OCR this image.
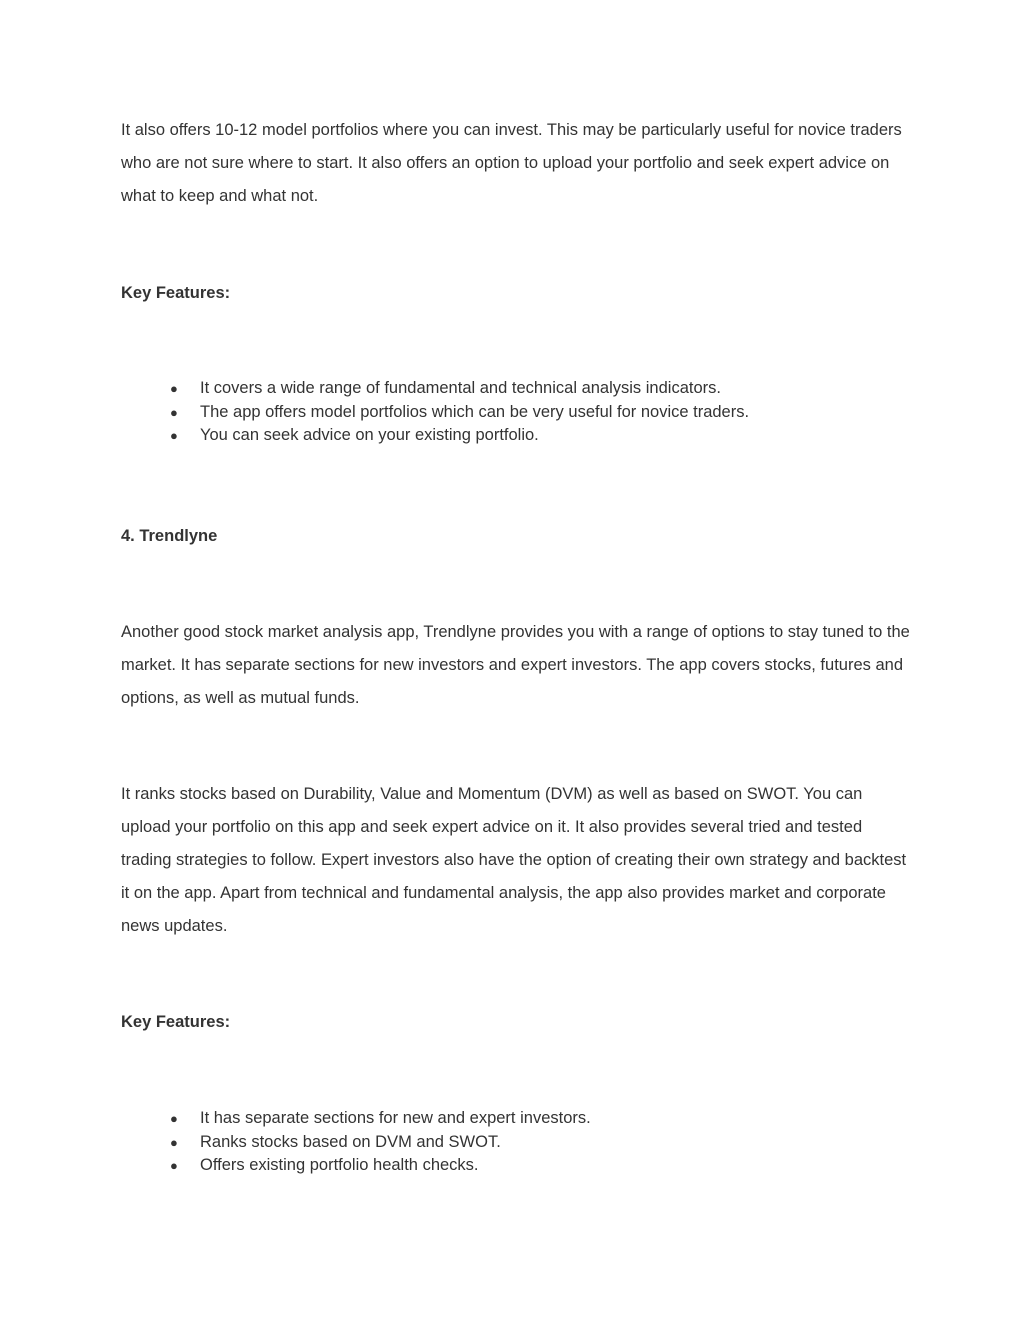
It also offers 10-12 model portfolios where you can invest. This may be particularly useful for novice traders who are not sure where to start. It also offers an option to upload your portfolio and seek expert advice on what to keep and what not.

Key Features:
● It covers a wide range of fundamental and technical analysis indicators.
● The app offers model portfolios which can be very useful for novice traders.
● You can seek advice on your existing portfolio.
4. Trendlyne

Another good stock market analysis app, Trendlyne provides you with a range of options to stay tuned to the market. It has separate sections for new investors and expert investors. The app covers stocks, futures and options, as well as mutual funds.

It ranks stocks based on Durability, Value and Momentum (DVM) as well as based on SWOT. You can upload your portfolio on this app and seek expert advice on it. It also provides several tried and tested trading strategies to follow. Expert investors also have the option of creating their own strategy and backtest it on the app. Apart from technical and fundamental analysis, the app also provides market and corporate news updates.

Key Features:
● It has separate sections for new and expert investors.
● Ranks stocks based on DVM and SWOT.
● Offers existing portfolio health checks.
